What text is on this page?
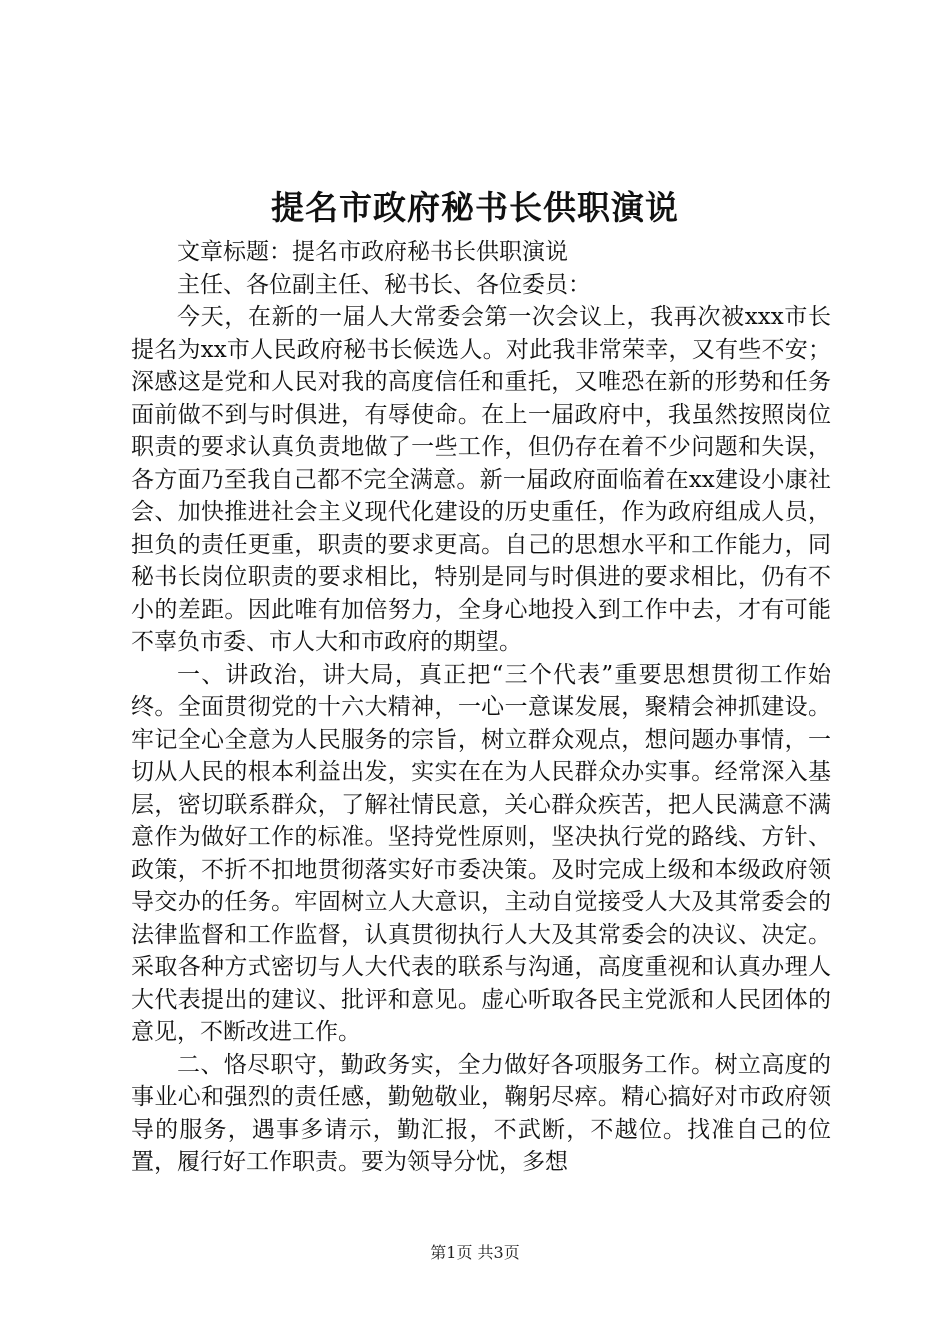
提名市政府秘书长供职演说

文章标题：提名市政府秘书长供职演说

主任、各位副主任、秘书长、各位委员：

今天，在新的一届人大常委会第一次会议上，我再次被xxx市长提名为xx市人民政府秘书长候选人。对此我非常荣幸，又有些不安；深感这是党和人民对我的高度信任和重托，又唯恐在新的形势和任务面前做不到与时俱进，有辱使命。在上一届政府中，我虽然按照岗位职责的要求认真负责地做了一些工作，但仍存在着不少问题和失误，各方面乃至我自己都不完全满意。新一届政府面临着在xx建设小康社会、加快推进社会主义现代化建设的历史重任，作为政府组成人员，担负的责任更重，职责的要求更高。自己的思想水平和工作能力，同秘书长岗位职责的要求相比，特别是同与时俱进的要求相比，仍有不小的差距。因此唯有加倍努力，全身心地投入到工作中去，才有可能不辜负市委、市人大和市政府的期望。

一、讲政治，讲大局，真正把“三个代表”重要思想贯彻工作始终。全面贯彻党的十六大精神，一心一意谋发展，聚精会神抓建设。牢记全心全意为人民服务的宗旨，树立群众观点，想问题办事情，一切从人民的根本利益出发，实实在在为人民群众办实事。经常深入基层，密切联系群众，了解社情民意，关心群众疾苦，把人民满意不满意作为做好工作的标准。坚持党性原则，坚决执行党的路线、方针、政策，不折不扣地贯彻落实好市委决策。及时完成上级和本级政府领导交办的任务。牢固树立人大意识，主动自觉接受人大及其常委会的法律监督和工作监督，认真贯彻执行人大及其常委会的决议、决定。采取各种方式密切与人大代表的联系与沟通，高度重视和认真办理人大代表提出的建议、批评和意见。虚心听取各民主党派和人民团体的意见，不断改进工作。

二、恪尽职守，勤政务实，全力做好各项服务工作。树立高度的事业心和强烈的责任感，勤勉敬业，鞠躬尽瘁。精心搞好对市政府领导的服务，遇事多请示，勤汇报，不武断，不越位。找准自己的位置，履行好工作职责。要为领导分忧，多想

第1页 共3页
